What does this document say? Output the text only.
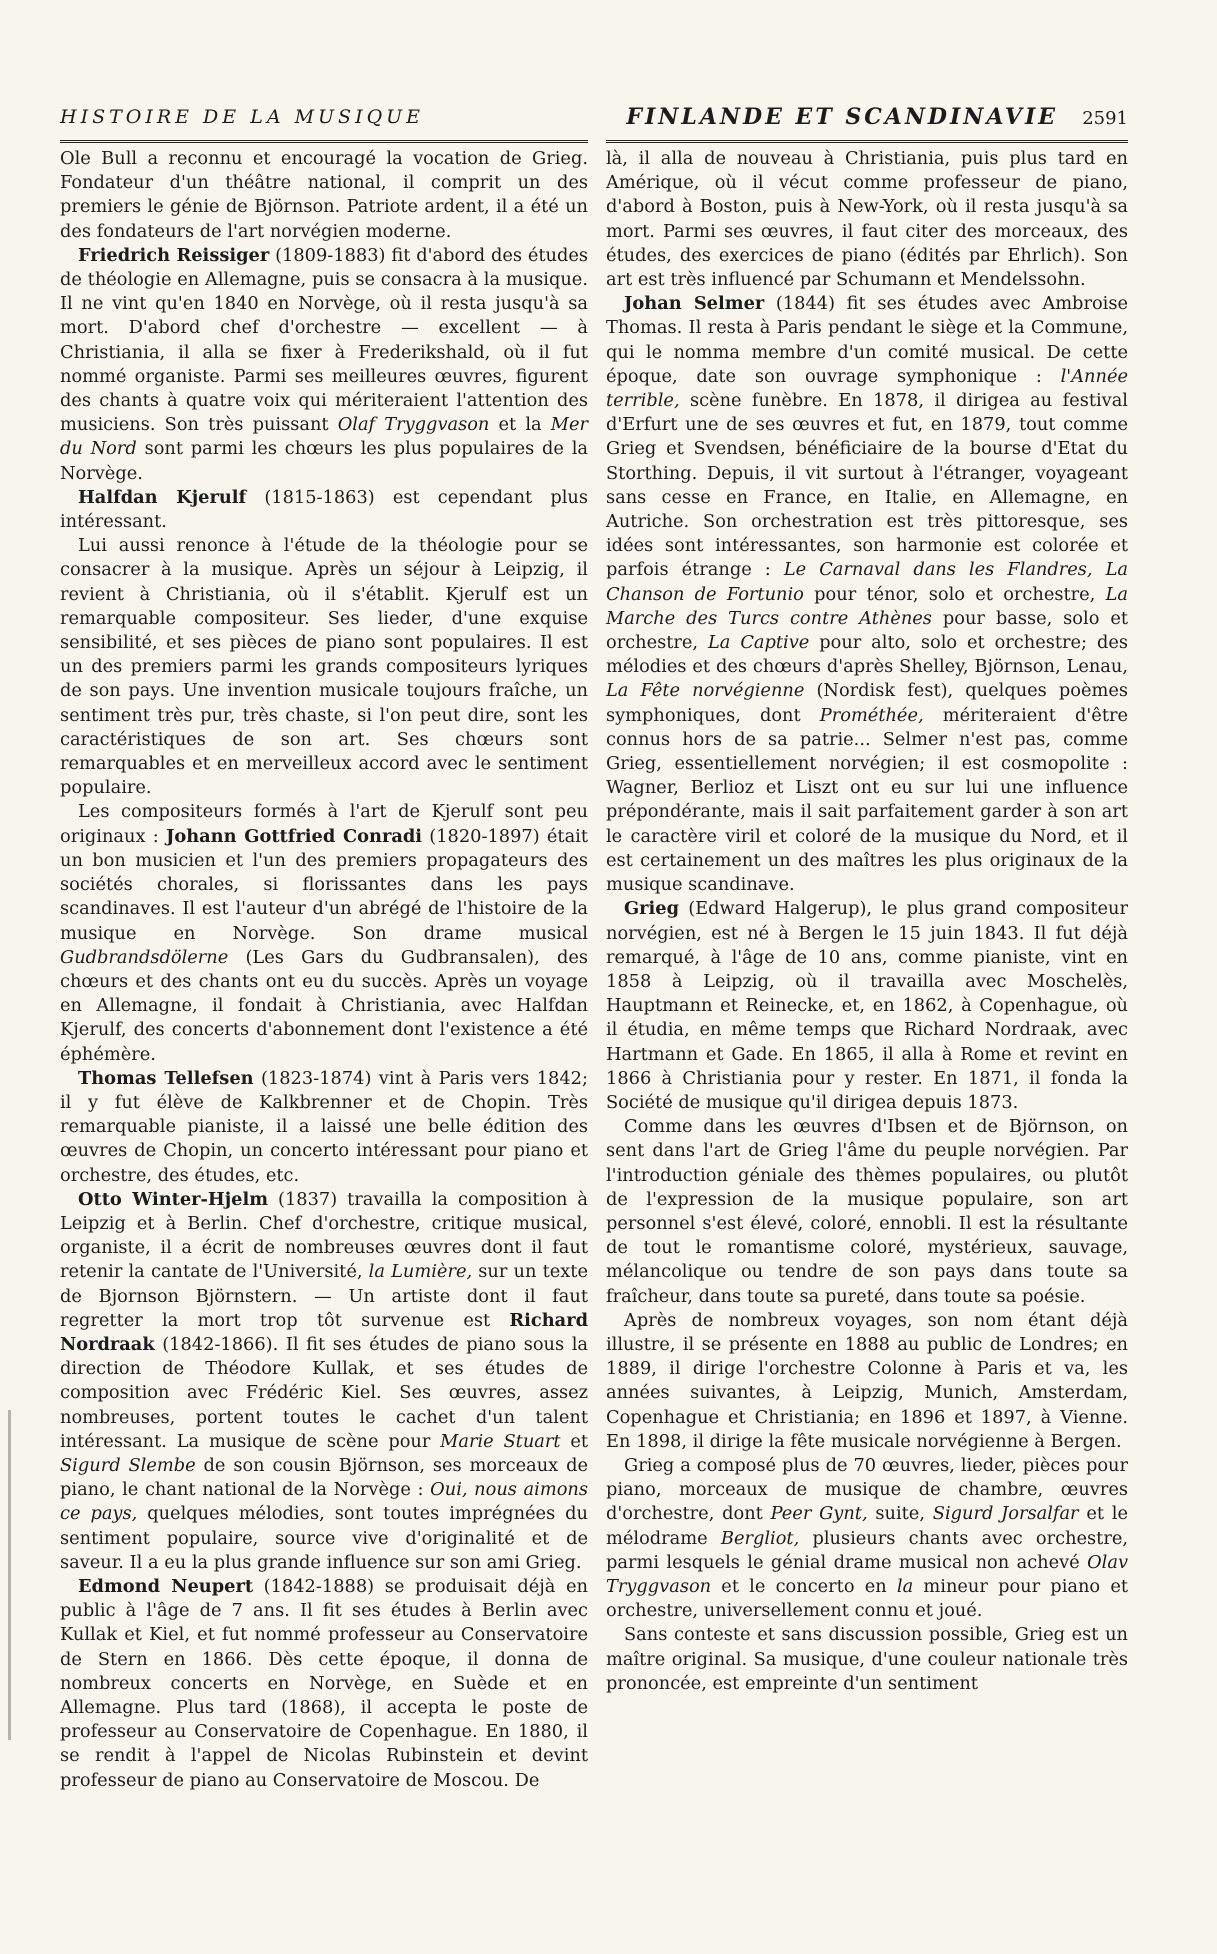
HISTOIRE DE LA MUSIQUE	FINLANDE ET SCANDINAVIE 2591

Ole Bull a reconnu et encouragé la vocation de Grieg. Fondateur d'un théâtre national, il comprit un des premiers le génie de Björnson. Patriote ardent, il a été un des fondateurs de l'art norvégien moderne.

Friedrich Reissiger (1809-1883) fit d'abord des études de théologie en Allemagne, puis se consacra à la musique. Il ne vint qu'en 1840 en Norvège, où il resta jusqu'à sa mort. D'abord chef d'orchestre — excellent — à Christiania, il alla se fixer à Frederikshald, où il fut nommé organiste. Parmi ses meilleures œuvres, figurent des chants à quatre voix qui mériteraient l'attention des musiciens. Son très puissant Olaf Tryggvason et la Mer du Nord sont parmi les chœurs les plus populaires de la Norvège.

Halfdan Kjerulf (1815-1863) est cependant plus intéressant.

Lui aussi renonce à l'étude de la théologie pour se consacrer à la musique. Après un séjour à Leipzig, il revient à Christiania, où il s'établit. Kjerulf est un remarquable compositeur. Ses lieder, d'une exquise sensibilité, et ses pièces de piano sont populaires. Il est un des premiers parmi les grands compositeurs lyriques de son pays. Une invention musicale toujours fraîche, un sentiment très pur, très chaste, si l'on peut dire, sont les caractéristiques de son art. Ses chœurs sont remarquables et en merveilleux accord avec le sentiment populaire.

Les compositeurs formés à l'art de Kjerulf sont peu originaux : Johann Gottfried Conradi (1820-1897) était un bon musicien et l'un des premiers propagateurs des sociétés chorales, si florissantes dans les pays scandinaves. Il est l'auteur d'un abrégé de l'histoire de la musique en Norvège. Son drame musical Gudbrandsdölerne (Les Gars du Gudbransalen), des chœurs et des chants ont eu du succès. Après un voyage en Allemagne, il fondait à Christiania, avec Halfdan Kjerulf, des concerts d'abonnement dont l'existence a été éphémère.

Thomas Tellefsen (1823-1874) vint à Paris vers 1842; il y fut élève de Kalkbrenner et de Chopin. Très remarquable pianiste, il a laissé une belle édition des œuvres de Chopin, un concerto intéressant pour piano et orchestre, des études, etc.

Otto Winter-Hjelm (1837) travailla la composition à Leipzig et à Berlin. Chef d'orchestre, critique musical, organiste, il a écrit de nombreuses œuvres dont il faut retenir la cantate de l'Université, la Lumière, sur un texte de Bjornson Björnstern. — Un artiste dont il faut regretter la mort trop tôt survenue est Richard Nordraak (1842-1866). Il fit ses études de piano sous la direction de Théodore Kullak, et ses études de composition avec Frédéric Kiel. Ses œuvres, assez nombreuses, portent toutes le cachet d'un talent intéressant. La musique de scène pour Marie Stuart et Sigurd Slembe de son cousin Björnson, ses morceaux de piano, le chant national de la Norvège : Oui, nous aimons ce pays, quelques mélodies, sont toutes imprégnées du sentiment populaire, source vive d'originalité et de saveur. Il a eu la plus grande influence sur son ami Grieg.

Edmond Neupert (1842-1888) se produisait déjà en public à l'âge de 7 ans. Il fit ses études à Berlin avec Kullak et Kiel, et fut nommé professeur au Conservatoire de Stern en 1866. Dès cette époque, il donna de nombreux concerts en Norvège, en Suède et en Allemagne. Plus tard (1868), il accepta le poste de professeur au Conservatoire de Copenhague. En 1880, il se rendit à l'appel de Nicolas Rubinstein et devint professeur de piano au Conservatoire de Moscou. De

là, il alla de nouveau à Christiania, puis plus tard en Amérique, où il vécut comme professeur de piano, d'abord à Boston, puis à New-York, où il resta jusqu'à sa mort. Parmi ses œuvres, il faut citer des morceaux, des études, des exercices de piano (édités par Ehrlich). Son art est très influencé par Schumann et Mendelssohn.

Johan Selmer (1844) fit ses études avec Ambroise Thomas. Il resta à Paris pendant le siège et la Commune, qui le nomma membre d'un comité musical. De cette époque, date son ouvrage symphonique : l'Année terrible, scène funèbre. En 1878, il dirigea au festival d'Erfurt une de ses œuvres et fut, en 1879, tout comme Grieg et Svendsen, bénéficiaire de la bourse d'Etat du Storthing. Depuis, il vit surtout à l'étranger, voyageant sans cesse en France, en Italie, en Allemagne, en Autriche. Son orchestration est très pittoresque, ses idées sont intéressantes, son harmonie est colorée et parfois étrange : Le Carnaval dans les Flandres, La Chanson de Fortunio pour ténor, solo et orchestre, La Marche des Turcs contre Athènes pour basse, solo et orchestre, La Captive pour alto, solo et orchestre; des mélodies et des chœurs d'après Shelley, Björnson, Lenau, La Fête norvégienne (Nordisk fest), quelques poèmes symphoniques, dont Prométhée, mériteraient d'être connus hors de sa patrie... Selmer n'est pas, comme Grieg, essentiellement norvégien; il est cosmopolite : Wagner, Berlioz et Liszt ont eu sur lui une influence prépondérante, mais il sait parfaitement garder à son art le caractère viril et coloré de la musique du Nord, et il est certainement un des maîtres les plus originaux de la musique scandinave.

Grieg (Edward Halgerup), le plus grand compositeur norvégien, est né à Bergen le 15 juin 1843. Il fut déjà remarqué, à l'âge de 10 ans, comme pianiste, vint en 1858 à Leipzig, où il travailla avec Moschelès, Hauptmann et Reinecke, et, en 1862, à Copenhague, où il étudia, en même temps que Richard Nordraak, avec Hartmann et Gade. En 1865, il alla à Rome et revint en 1866 à Christiania pour y rester. En 1871, il fonda la Société de musique qu'il dirigea depuis 1873.

Comme dans les œuvres d'Ibsen et de Björnson, on sent dans l'art de Grieg l'âme du peuple norvégien. Par l'introduction géniale des thèmes populaires, ou plutôt de l'expression de la musique populaire, son art personnel s'est élevé, coloré, ennobli. Il est la résultante de tout le romantisme coloré, mystérieux, sauvage, mélancolique ou tendre de son pays dans toute sa fraîcheur, dans toute sa pureté, dans toute sa poésie.

Après de nombreux voyages, son nom étant déjà illustre, il se présente en 1888 au public de Londres; en 1889, il dirige l'orchestre Colonne à Paris et va, les années suivantes, à Leipzig, Munich, Amsterdam, Copenhague et Christiania; en 1896 et 1897, à Vienne. En 1898, il dirige la fête musicale norvégienne à Bergen.

Grieg a composé plus de 70 œuvres, lieder, pièces pour piano, morceaux de musique de chambre, œuvres d'orchestre, dont Peer Gynt, suite, Sigurd Jorsalfar et le mélodrame Bergliot, plusieurs chants avec orchestre, parmi lesquels le génial drame musical non achevé Olav Tryggvason et le concerto en la mineur pour piano et orchestre, universellement connu et joué.

Sans conteste et sans discussion possible, Grieg est un maître original. Sa musique, d'une couleur nationale très prononcée, est empreinte d'un sentiment
